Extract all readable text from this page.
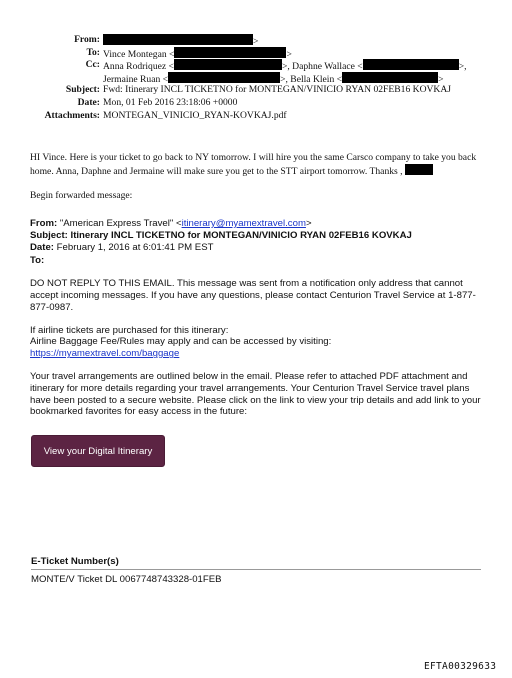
From:	>
To: Vince Montegan <	>
Cc: Anna Rodriquez <	>, Daphne Wallace <	>,
Jermaine Ruan <	>, Bella Klein <	>
Subject: Fwd: Itinerary INCL TICKETNO for MONTEGAN/VINICIO RYAN 02FEB16 KOVKAJ
Date: Mon, 01 Feb 2016 23:18:06 +0000
Attachments: MONTEGAN_VINICIO_RYAN-KOVKAJ.pdf

HI Vince. Here is your ticket to go back to NY tomorrow. I will hire you the same Carsco company to take you back home. Anna, Daphne and Jermaine will make sure you get to the STT airport tomorrow. Thanks ,

Begin forwarded message:

From: "American Express Travel" <itinerary@myamextravel.com>

Subject: Itinerary INCL TICKETNO for MONTEGAN/VINICIO RYAN 02FEB16 KOVKAJ

Date: February 1, 2016 at 6:01:41 PM EST

To:

DO NOT REPLY TO THIS EMAIL. This message was sent from a notification only address that cannot accept incoming messages. If you have any questions, please contact Centurion Travel Service at 1-877-877-0987.

If airline tickets are purchased for this itinerary:

Airline Baggage Fee/Rules may apply and can be accessed by visiting:

https://myamextravel.com/baggage

Your travel arrangements are outlined below in the email. Please refer to attached PDF attachment and itinerary for more details regarding your travel arrangements. Your Centurion Travel Service travel plans have been posted to a secure website. Please click on the link to view your trip details and add link to your bookmarked favorites for easy access in the future:

View your Digital Itinerary
E-Ticket Number(s)
MONTE/V Ticket DL 0067748743328-01FEB
EFTA00329633
